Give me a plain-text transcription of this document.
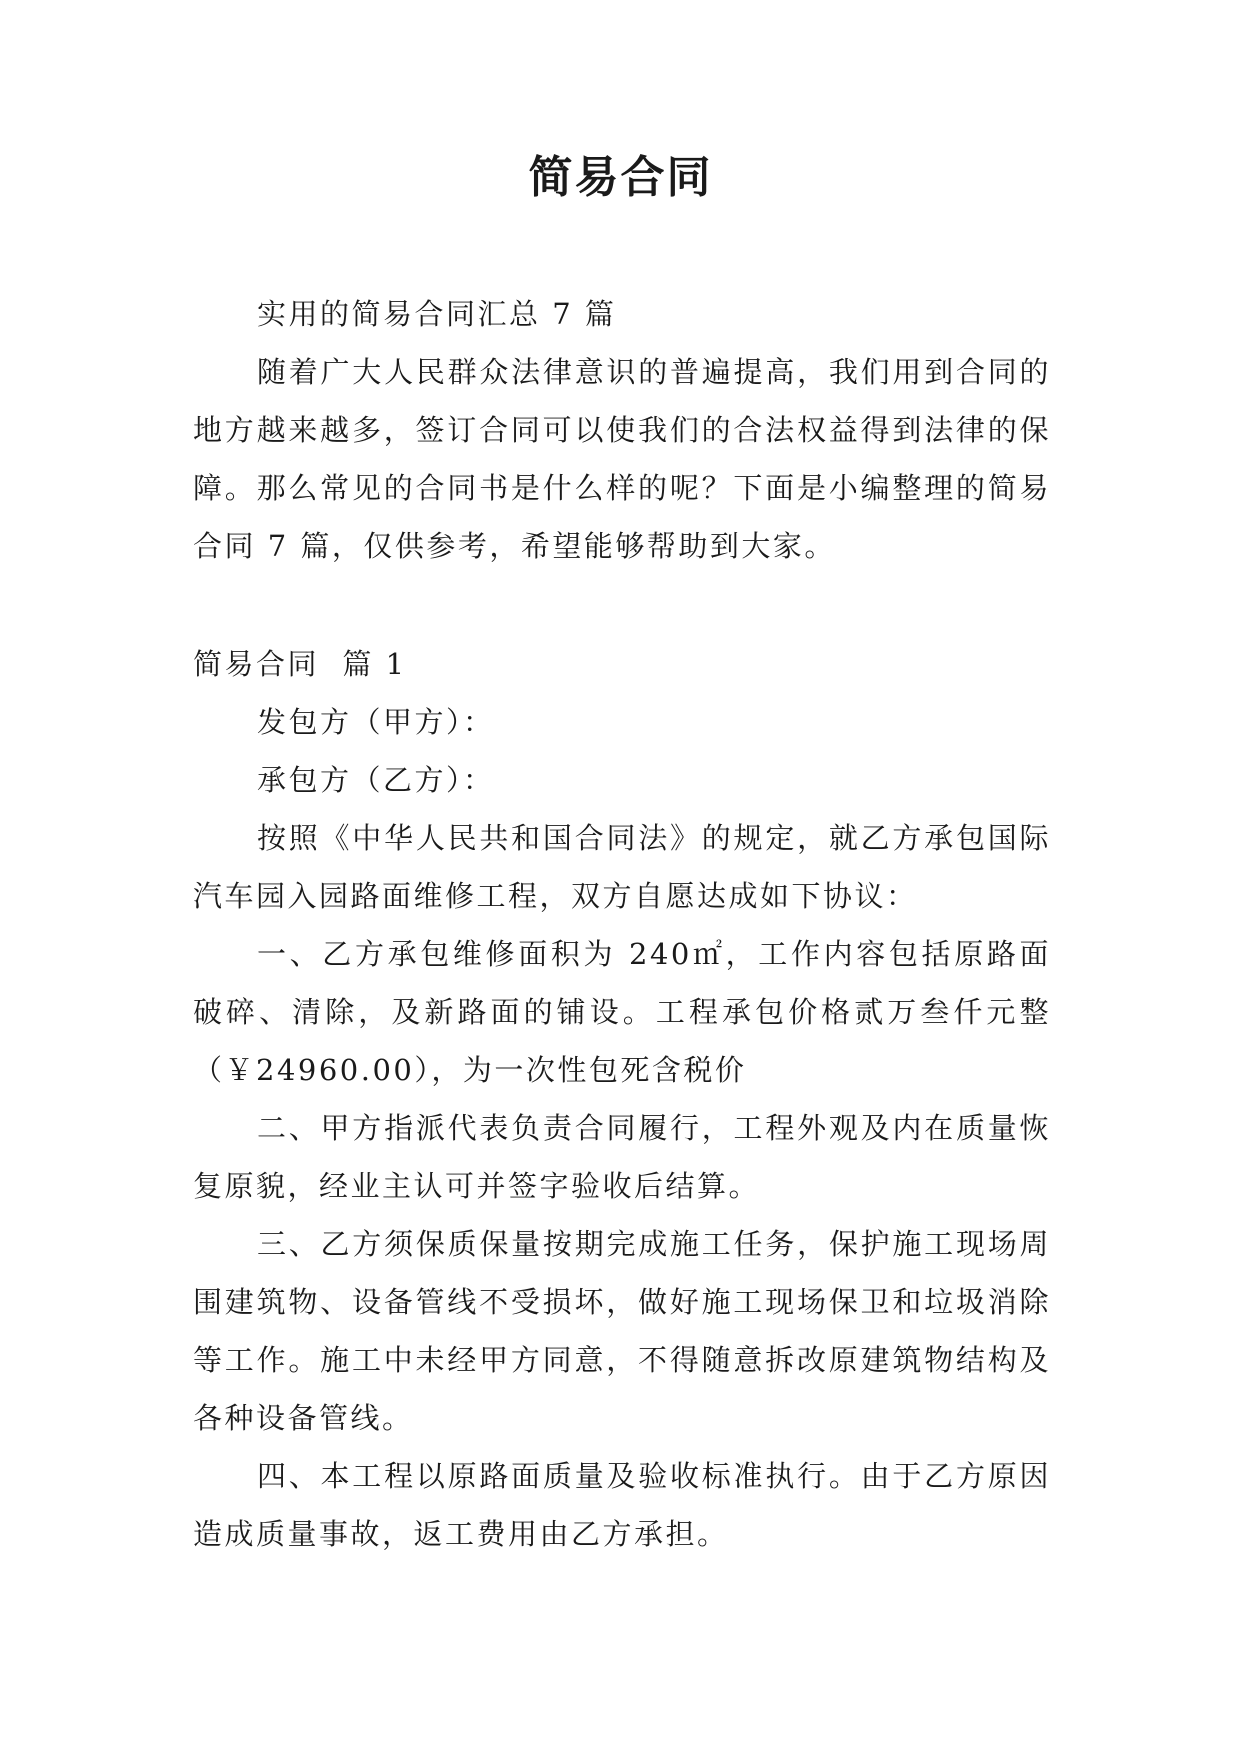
简易合同

实用的简易合同汇总 7 篇

随着广大人民群众法律意识的普遍提高，我们用到合同的地方越来越多，签订合同可以使我们的合法权益得到法律的保障。那么常见的合同书是什么样的呢？下面是小编整理的简易合同 7 篇，仅供参考，希望能够帮助到大家。

简易合同  篇 1

发包方（甲方）：

承包方（乙方）：

按照《中华人民共和国合同法》的规定，就乙方承包国际汽车园入园路面维修工程，双方自愿达成如下协议：

一、乙方承包维修面积为 240㎡，工作内容包括原路面破碎、清除，及新路面的铺设。工程承包价格贰万叁仟元整（￥24960.00），为一次性包死含税价

二、甲方指派代表负责合同履行，工程外观及内在质量恢复原貌，经业主认可并签字验收后结算。

三、乙方须保质保量按期完成施工任务，保护施工现场周围建筑物、设备管线不受损坏，做好施工现场保卫和垃圾消除等工作。施工中未经甲方同意，不得随意拆改原建筑物结构及各种设备管线。

四、本工程以原路面质量及验收标准执行。由于乙方原因造成质量事故，返工费用由乙方承担。
